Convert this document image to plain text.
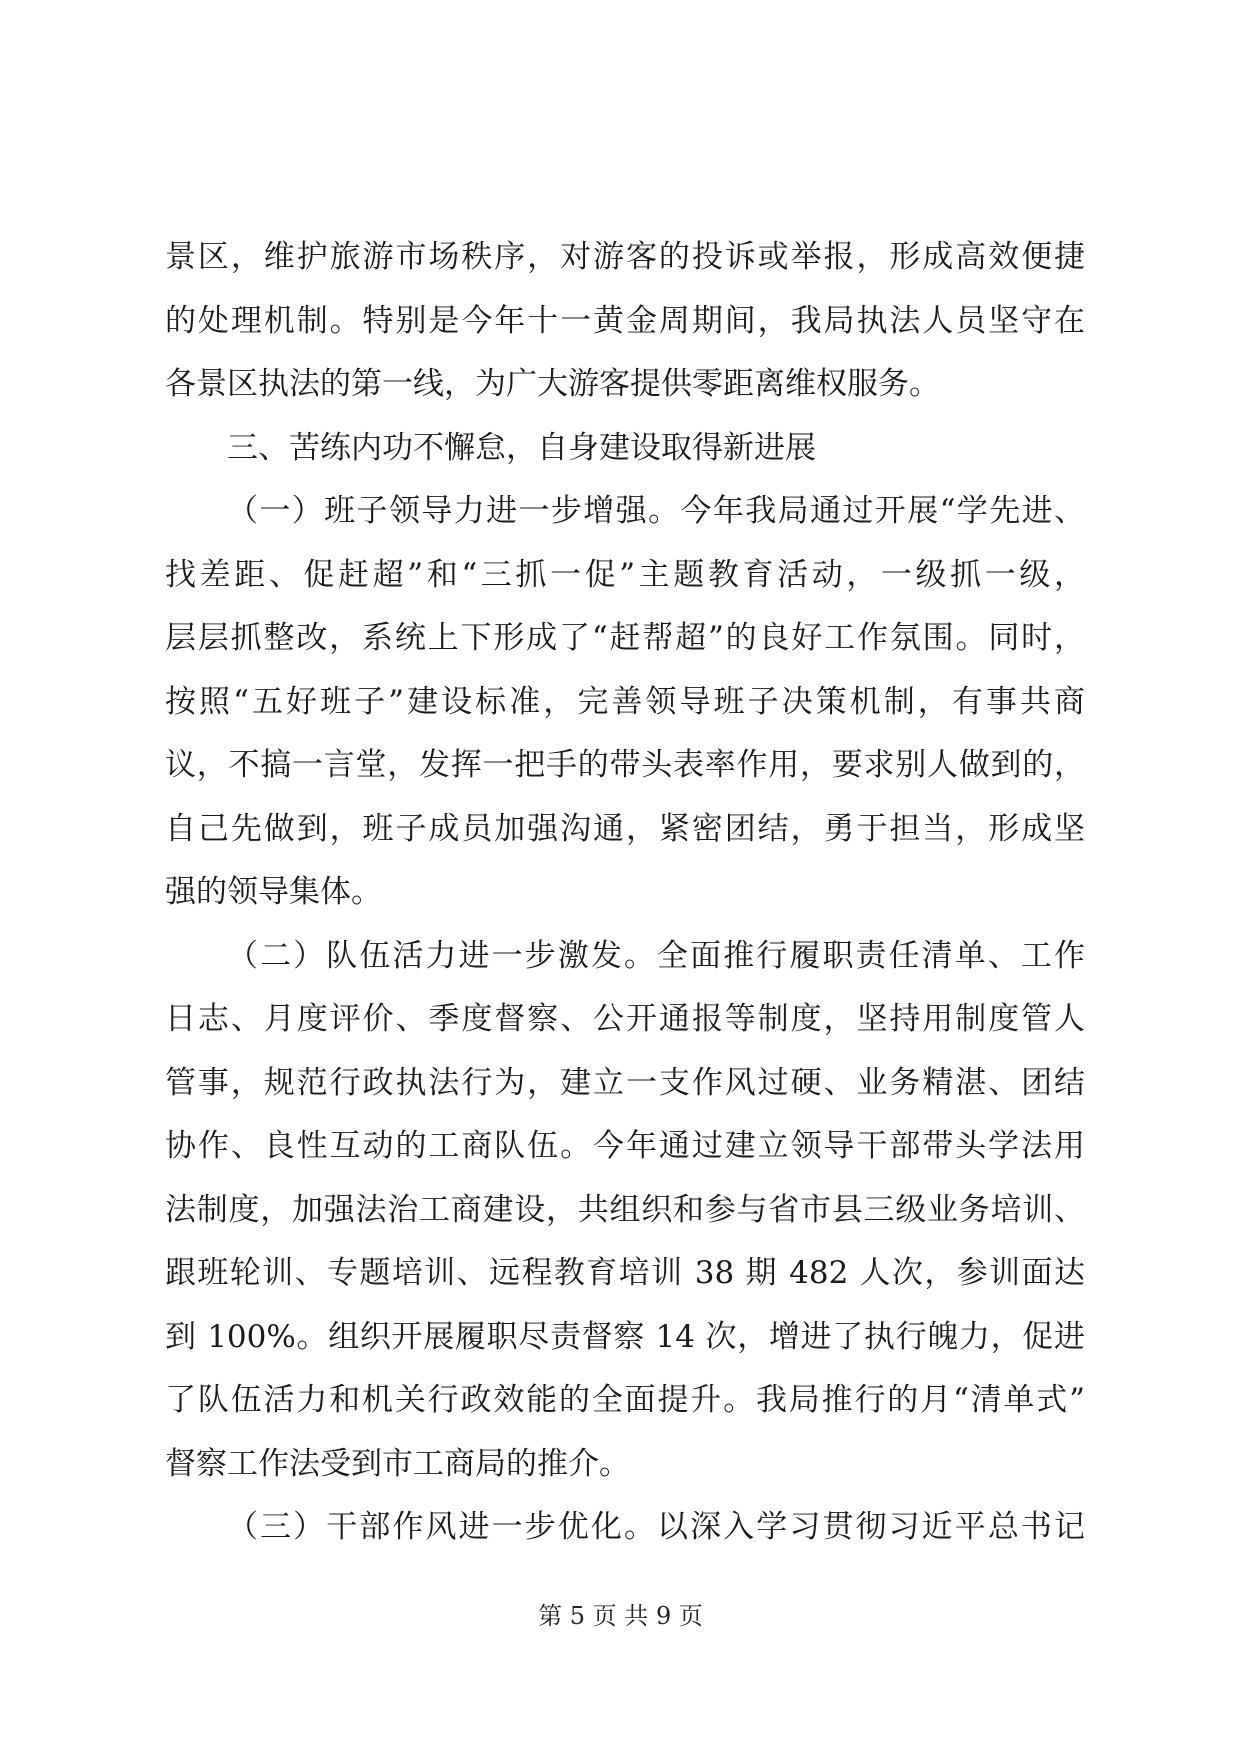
景区，维护旅游市场秩序，对游客的投诉或举报，形成高效便捷
的处理机制。特别是今年十一黄金周期间，我局执法人员坚守在
各景区执法的第一线，为广大游客提供零距离维权服务。
三、苦练内功不懈怠，自身建设取得新进展
（一）班子领导力进一步增强。今年我局通过开展“学先进、
找差距、促赶超”和“三抓一促”主题教育活动，一级抓一级，
层层抓整改，系统上下形成了“赶帮超”的良好工作氛围。同时，
按照“五好班子”建设标准，完善领导班子决策机制，有事共商
议，不搞一言堂，发挥一把手的带头表率作用，要求别人做到的，
自己先做到，班子成员加强沟通，紧密团结，勇于担当，形成坚
强的领导集体。
（二）队伍活力进一步激发。全面推行履职责任清单、工作
日志、月度评价、季度督察、公开通报等制度，坚持用制度管人
管事，规范行政执法行为，建立一支作风过硬、业务精湛、团结
协作、良性互动的工商队伍。今年通过建立领导干部带头学法用
法制度，加强法治工商建设，共组织和参与省市县三级业务培训、
跟班轮训、专题培训、远程教育培训 38 期 482 人次，参训面达
到 100%。组织开展履职尽责督察 14 次，增进了执行魄力，促进
了队伍活力和机关行政效能的全面提升。我局推行的月“清单式”
督察工作法受到市工商局的推介。
（三）干部作风进一步优化。以深入学习贯彻习近平总书记
第 5 页 共 9 页
